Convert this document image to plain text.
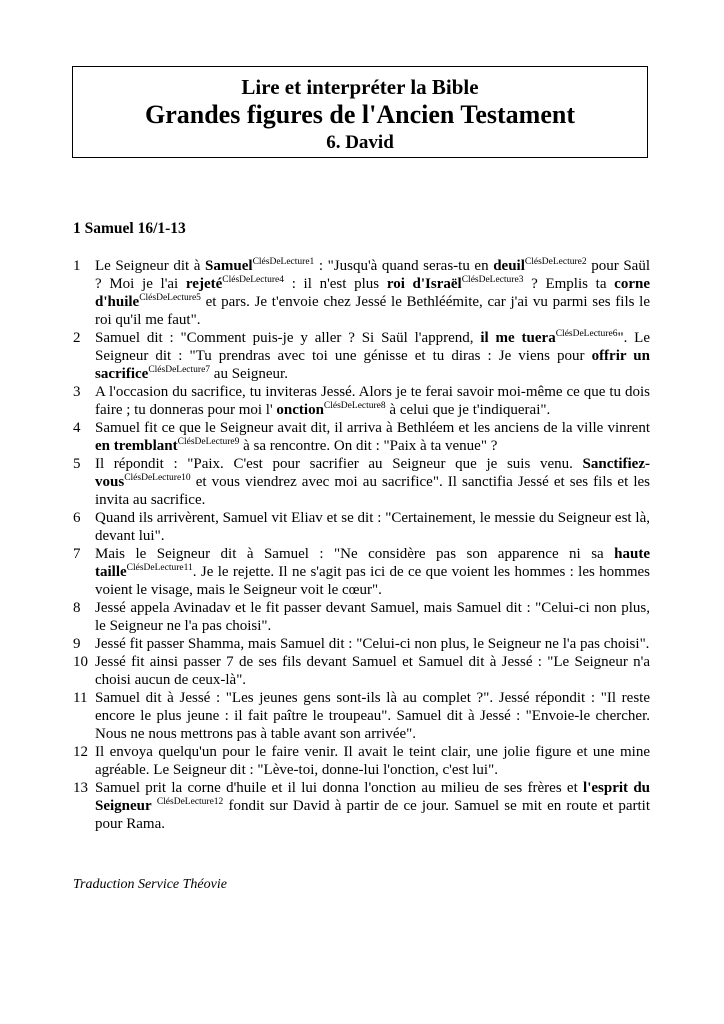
Lire et interpréter la Bible
Grandes figures de l'Ancien Testament
6. David
1 Samuel 16/1-13
1 Le Seigneur dit à Samuel$^{ClésDeLecture1}$ : "Jusqu'à quand seras-tu en deuil$^{ClésDeLecture2}$ pour Saül ? Moi je l'ai rejeté$^{ClésDeLecture4}$ : il n'est plus roi d'Israël$^{ClésDeLecture3}$ ? Emplis ta corne d'huile$^{ClésDeLecture5}$ et pars. Je t'envoie chez Jessé le Bethléémite, car j'ai vu parmi ses fils le roi qu'il me faut".
2 Samuel dit : "Comment puis-je y aller ? Si Saül l'apprend, il me tuera$^{ClésDeLecture6}$". Le Seigneur dit : "Tu prendras avec toi une génisse et tu diras : Je viens pour offrir un sacrifice$^{ClésDeLecture7}$ au Seigneur.
3 A l'occasion du sacrifice, tu inviteras Jessé. Alors je te ferai savoir moi-même ce que tu dois faire ; tu donneras pour moi l' onction$^{ClésDeLecture8}$ à celui que je t'indiquerai".
4 Samuel fit ce que le Seigneur avait dit, il arriva à Bethléem et les anciens de la ville vinrent en tremblant$^{ClésDeLecture9}$ à sa rencontre. On dit : "Paix à ta venue" ?
5 Il répondit : "Paix. C'est pour sacrifier au Seigneur que je suis venu. Sanctifiez-vous$^{ClésDeLecture10}$ et vous viendrez avec moi au sacrifice". Il sanctifia Jessé et ses fils et les invita au sacrifice.
6 Quand ils arrivèrent, Samuel vit Eliav et se dit : "Certainement, le messie du Seigneur est là, devant lui".
7 Mais le Seigneur dit à Samuel : "Ne considère pas son apparence ni sa haute taille$^{ClésDeLecture11}$. Je le rejette. Il ne s'agit pas ici de ce que voient les hommes : les hommes voient le visage, mais le Seigneur voit le cœur".
8 Jessé appela Avinadav et le fit passer devant Samuel, mais Samuel dit : "Celui-ci non plus, le Seigneur ne l'a pas choisi".
9 Jessé fit passer Shamma, mais Samuel dit : "Celui-ci non plus, le Seigneur ne l'a pas choisi".
10 Jessé fit ainsi passer 7 de ses fils devant Samuel et Samuel dit à Jessé : "Le Seigneur n'a choisi aucun de ceux-là".
11 Samuel dit à Jessé : "Les jeunes gens sont-ils là au complet ?". Jessé répondit : "Il reste encore le plus jeune : il fait paître le troupeau". Samuel dit à Jessé : "Envoie-le chercher. Nous ne nous mettrons pas à table avant son arrivée".
12 Il envoya quelqu'un pour le faire venir. Il avait le teint clair, une jolie figure et une mine agréable. Le Seigneur dit : "Lève-toi, donne-lui l'onction, c'est lui".
13 Samuel prit la corne d'huile et il lui donna l'onction au milieu de ses frères et l'esprit du Seigneur $^{ClésDeLecture12}$ fondit sur David à partir de ce jour. Samuel se mit en route et partit pour Rama.
Traduction Service Théovie
